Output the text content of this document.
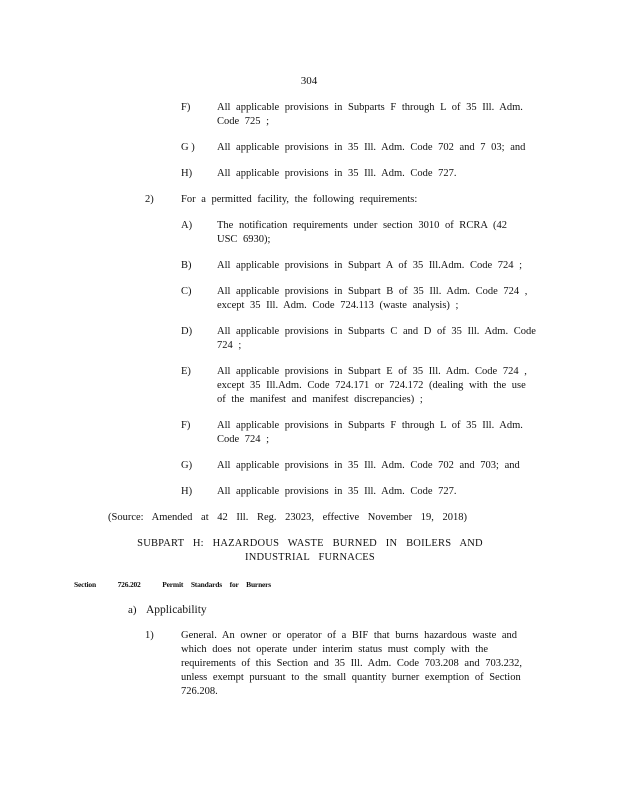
304
F)	All applicable provisions in Subparts F through L of 35 Ill. Adm. Code 725 ;
G ) All applicable provisions in 35 Ill. Adm. Code 702 and 7 03; and
H) All applicable provisions in 35 Ill. Adm. Code 727.
2)	For a permitted facility, the following requirements:
A) The notification requirements under section 3010 of RCRA (42 USC 6930);
B) All applicable provisions in Subpart A of 35 Ill.Adm. Code 724 ;
C) All applicable provisions in Subpart B of 35 Ill. Adm. Code 724 , except 35 Ill. Adm. Code 724.113 (waste analysis) ;
D) All applicable provisions in Subparts C and D of 35 Ill. Adm. Code 724 ;
E) All applicable provisions in Subpart E of 35 Ill. Adm. Code 724 , except 35 Ill.Adm. Code 724.171 or 724.172 (dealing with the use of the manifest and manifest discrepancies) ;
F)	All applicable provisions in Subparts F through L of 35 Ill. Adm. Code 724 ;
G) All applicable provisions in 35 Ill. Adm. Code 702 and 703; and
H) All applicable provisions in 35 Ill. Adm. Code 727.
(Source: Amended at 42 Ill. Reg. 23023, effective November 19, 2018)
SUBPART H: HAZARDOUS WASTE BURNED IN BOILERS AND
INDUSTRIAL FURNACES
Section	726.202	Permit Standards for Burners
a) Applicability
1)	General. An owner or operator of a BIF that burns hazardous waste and which does not operate under interim status must comply with the requirements of this Section and 35 Ill. Adm. Code 703.208 and 703.232, unless exempt pursuant to the small quantity burner exemption of Section 726.208.
